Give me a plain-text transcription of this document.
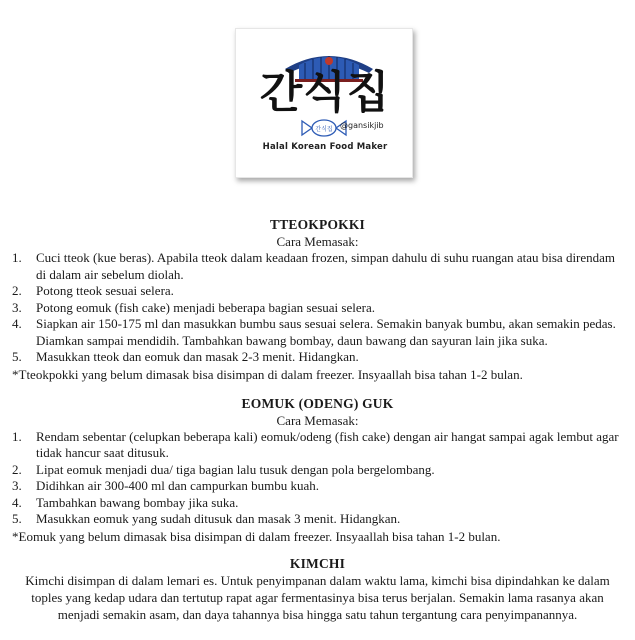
간식집
간식집 @gansikjib
Halal Korean Food Maker
TTEOKPOKKI
Cara Memasak:
1. Cuci tteok (kue beras). Apabila tteok dalam keadaan frozen, simpan dahulu di suhu ruangan atau bisa direndam di dalam air sebelum diolah.
2. Potong tteok sesuai selera.
3. Potong eomuk (fish cake) menjadi beberapa bagian sesuai selera.
4. Siapkan air 150-175 ml dan masukkan bumbu saus sesuai selera. Semakin banyak bumbu, akan semakin pedas. Diamkan sampai mendidih. Tambahkan bawang bombay, daun bawang dan sayuran lain jika suka.
5. Masukkan tteok dan eomuk dan masak 2-3 menit. Hidangkan.
*Tteokpokki yang belum dimasak bisa disimpan di dalam freezer. Insyaallah bisa tahan 1-2 bulan.
EOMUK (ODENG) GUK
Cara Memasak:
1. Rendam sebentar (celupkan beberapa kali) eomuk/odeng (fish cake) dengan air hangat sampai agak lembut agar tidak hancur saat ditusuk.
2. Lipat eomuk menjadi dua/ tiga bagian lalu tusuk dengan pola bergelombang.
3. Didihkan air 300-400 ml dan campurkan bumbu kuah.
4. Tambahkan bawang bombay jika suka.
5. Masukkan eomuk yang sudah ditusuk dan masak 3 menit. Hidangkan.
*Eomuk yang belum dimasak bisa disimpan di dalam freezer. Insyaallah bisa tahan 1-2 bulan.
KIMCHI
Kimchi disimpan di dalam lemari es. Untuk penyimpanan dalam waktu lama, kimchi bisa dipindahkan ke dalam toples yang kedap udara dan tertutup rapat agar fermentasinya bisa terus berjalan. Semakin lama rasanya akan menjadi semakin asam, dan daya tahannya bisa hingga satu tahun tergantung cara penyimpanannya.
